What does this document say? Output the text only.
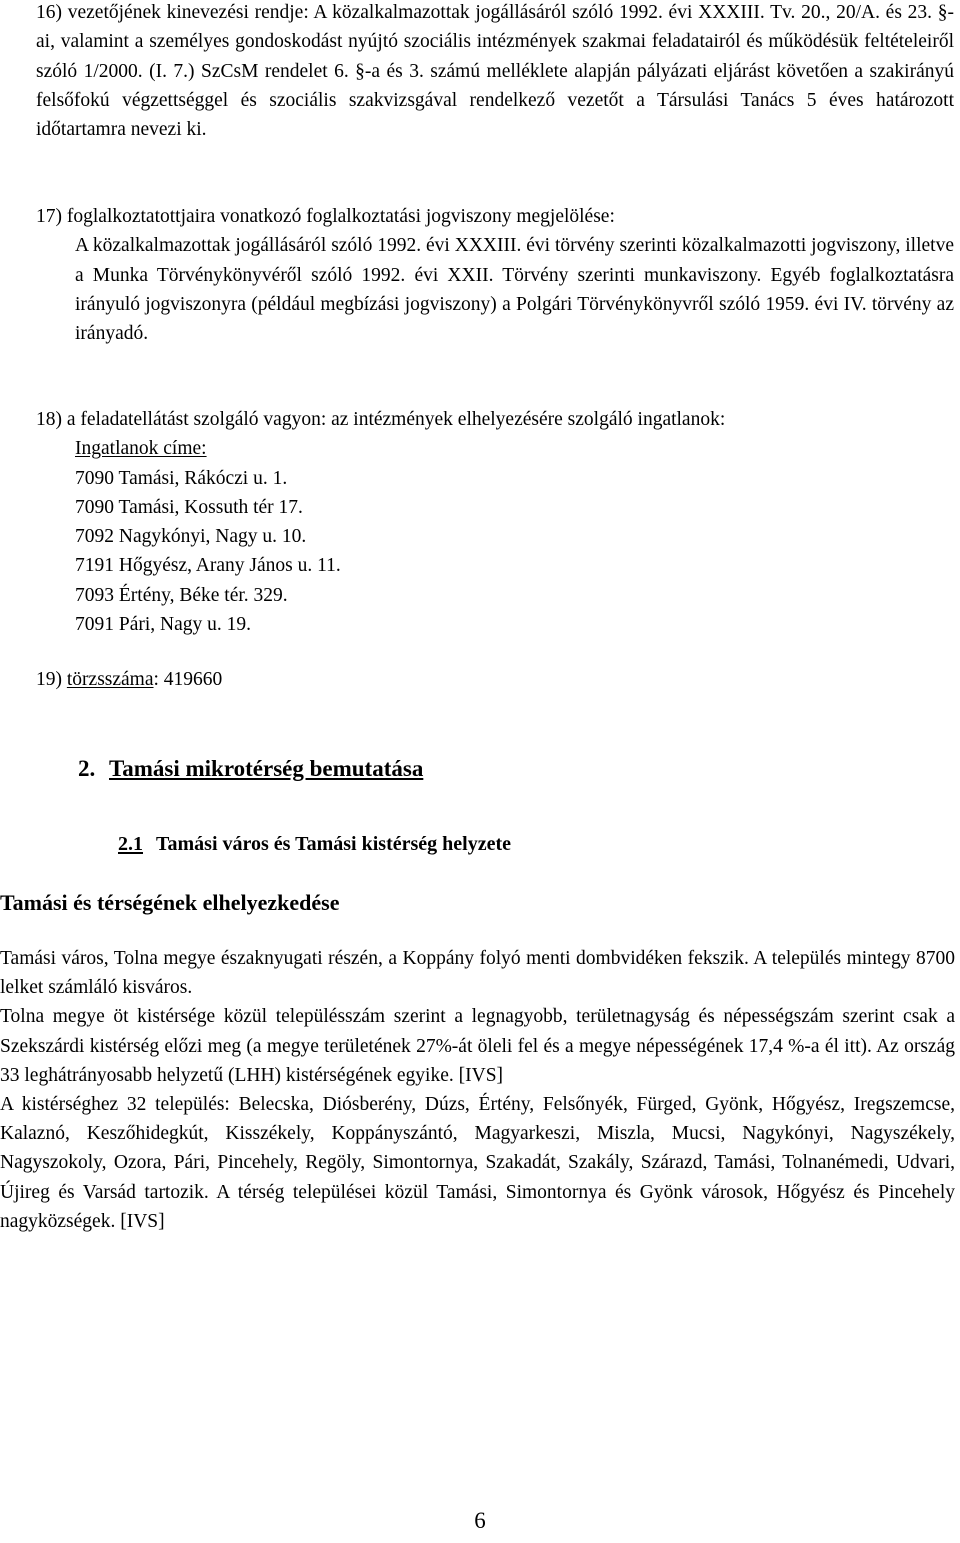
16) vezetőjének kinevezési rendje: A közalkalmazottak jogállásáról szóló 1992. évi XXXIII. Tv. 20., 20/A. és 23. §-ai, valamint a személyes gondoskodást nyújtó szociális intézmények szakmai feladatairól és működésük feltételeiről szóló 1/2000. (I. 7.) SzCsM rendelet 6. §-a és 3. számú melléklete alapján pályázati eljárást követően a szakirányú felsőfokú végzettséggel és szociális szakvizsgával rendelkező vezetőt a Társulási Tanács 5 éves határozott időtartamra nevezi ki.

17) foglalkoztatottjaira vonatkozó foglalkoztatási jogviszony megjelölése:

A közalkalmazottak jogállásáról szóló 1992. évi XXXIII. évi törvény szerinti közalkalmazotti jogviszony, illetve a Munka Törvénykönyvéről szóló 1992. évi XXII. Törvény szerinti munkaviszony. Egyéb foglalkoztatásra irányuló jogviszonyra (például megbízási jogviszony) a Polgári Törvénykönyvről szóló 1959. évi IV. törvény az irányadó.

18) a feladatellátást szolgáló vagyon: az intézmények elhelyezésére szolgáló ingatlanok:

Ingatlanok címe:
7090 Tamási, Rákóczi u. 1.
7090 Tamási, Kossuth tér 17.
7092 Nagykónyi, Nagy u. 10.
7191 Hőgyész, Arany János u. 11.
7093 Értény, Béke tér. 329.
7091 Pári, Nagy u. 19.

19) törzsszáma: 419660

2. Tamási mikrotérség bemutatása
2.1 Tamási város és Tamási kistérség helyzete
Tamási és térségének elhelyezkedése

Tamási város, Tolna megye északnyugati részén, a Koppány folyó menti dombvidéken fekszik. A település mintegy 8700 lelket számláló kisváros.

Tolna megye öt kistérsége közül településszám szerint a legnagyobb, területnagyság és népességszám szerint csak a Szekszárdi kistérség előzi meg (a megye területének 27%-át öleli fel és a megye népességének 17,4 %-a él itt). Az ország 33 leghátrányosabb helyzetű (LHH) kistérségének egyike. [IVS]

A kistérséghez 32 település: Belecska, Diósberény, Dúzs, Értény, Felsőnyék, Fürged, Gyönk, Hőgyész, Iregszemcse, Kalaznó, Keszőhidegkút, Kisszékely, Koppányszántó, Magyarkeszi, Miszla, Mucsi, Nagykónyi, Nagyszékely, Nagyszokoly, Ozora, Pári, Pincehely, Regöly, Simontornya, Szakadát, Szakály, Szárazd, Tamási, Tolnanémedi, Udvari, Újireg és Varsád tartozik. A térség települései közül Tamási, Simontornya és Gyönk városok, Hőgyész és Pincehely nagyközségek. [IVS]

6
